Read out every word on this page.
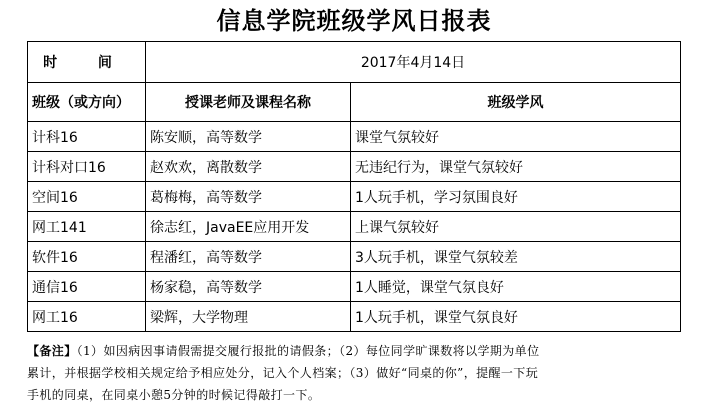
信息学院班级学风日报表
时 间	2017年4月14日	
班级（或方向）	授课老师及课程名称	班级学风
计科16	陈安顺，高等数学	课堂气氛较好
计科对口16	赵欢欢，离散数学	无违纪行为，课堂气氛较好
空间16	葛梅梅，高等数学	1人玩手机，学习氛围良好
网工141	徐志红，JavaEE应用开发	上课气氛较好
软件16	程潘红，高等数学	3人玩手机，课堂气氛较差
通信16	杨家稳，高等数学	1人睡觉，课堂气氛良好
网工16	梁辉，大学物理	1人玩手机，课堂气氛良好
【备注】（1）如因病因事请假需提交履行报批的请假条；（2）每位同学旷课数将以学期为单位
累计，并根据学校相关规定给予相应处分，记入个人档案；（3）做好“同桌的你”，提醒一下玩
手机的同桌，在同桌小憩5分钟的时候记得敲打一下。
